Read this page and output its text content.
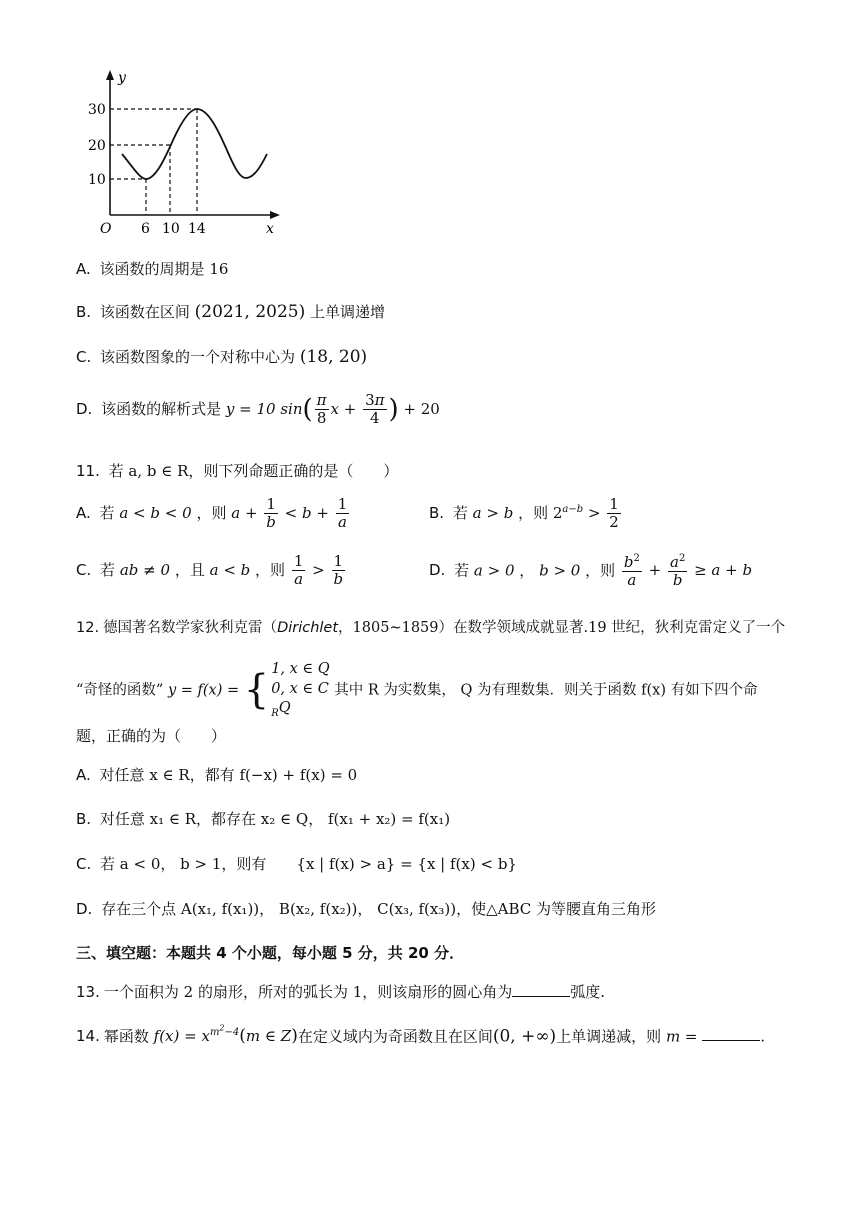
y
x
O
30
20
10
6 10 14
A. 该函数的周期是 16
B. 该函数在区间 (2021, 2025) 上单调递增
C. 该函数图象的一个对称中心为 (18, 20)
D. 该函数的解析式是 y = 10 $\sin( \frac{\pi}{8}$ $x + \frac{3\pi}{4}$ ) + 20
11. 若 a, b ∈ R，则下列命题正确的是（　　）
A. 若 a < b < 0 ，则 $a + \frac{1}{b} < b + \frac{1}{a}$	B. 若 a > b ，则 $2^{a-b} > \frac{1}{2}$
C. 若 ab ≠ 0 ，且 a < b ，则 $\frac{1}{a} > \frac{1}{b}$	D. 若 a > 0 ， b > 0 ，则 $\frac{b^2}{a} + \frac{a^2}{b} \ge a + b$
12. 德国著名数学家狄利克雷（Dirichlet，1805~1859）在数学领域成就显著.19 世纪，狄利克雷定义了一个
“奇怪的函数” y = f(x) = { 1, x ∈ Q
0, x ∈ C
$_R$Q
其中 R 为实数集， Q 为有理数集．则关于函数 f(x) 有如下四个命
题，正确的为（　　）
A. 对任意 x ∈ R，都有 f(−x) + f(x) = 0
B. 对任意 x₁ ∈ R，都存在 x₂ ∈ Q， f(x₁ + x₂) = f(x₁)
C. 若 a < 0， b > 1，则有　　{x | f(x) > a} = {x | f(x) < b}
D. 存在三个点 A(x₁, f(x₁))， B(x₂, f(x₂))， C(x₃, f(x₃))，使△ABC 为等腰直角三角形
三、填空题：本题共 4 个小题，每小题 5 分，共 20 分．
13. 一个面积为 2 的扇形，所对的弧长为 1，则该扇形的圆心角为	弧度.
14. 幂函数 $f(x) = x^{m^2-4}(m$ ∈ Z)在定义域内为奇函数且在区间(0, +∞)上单调递减，则 m =	.
